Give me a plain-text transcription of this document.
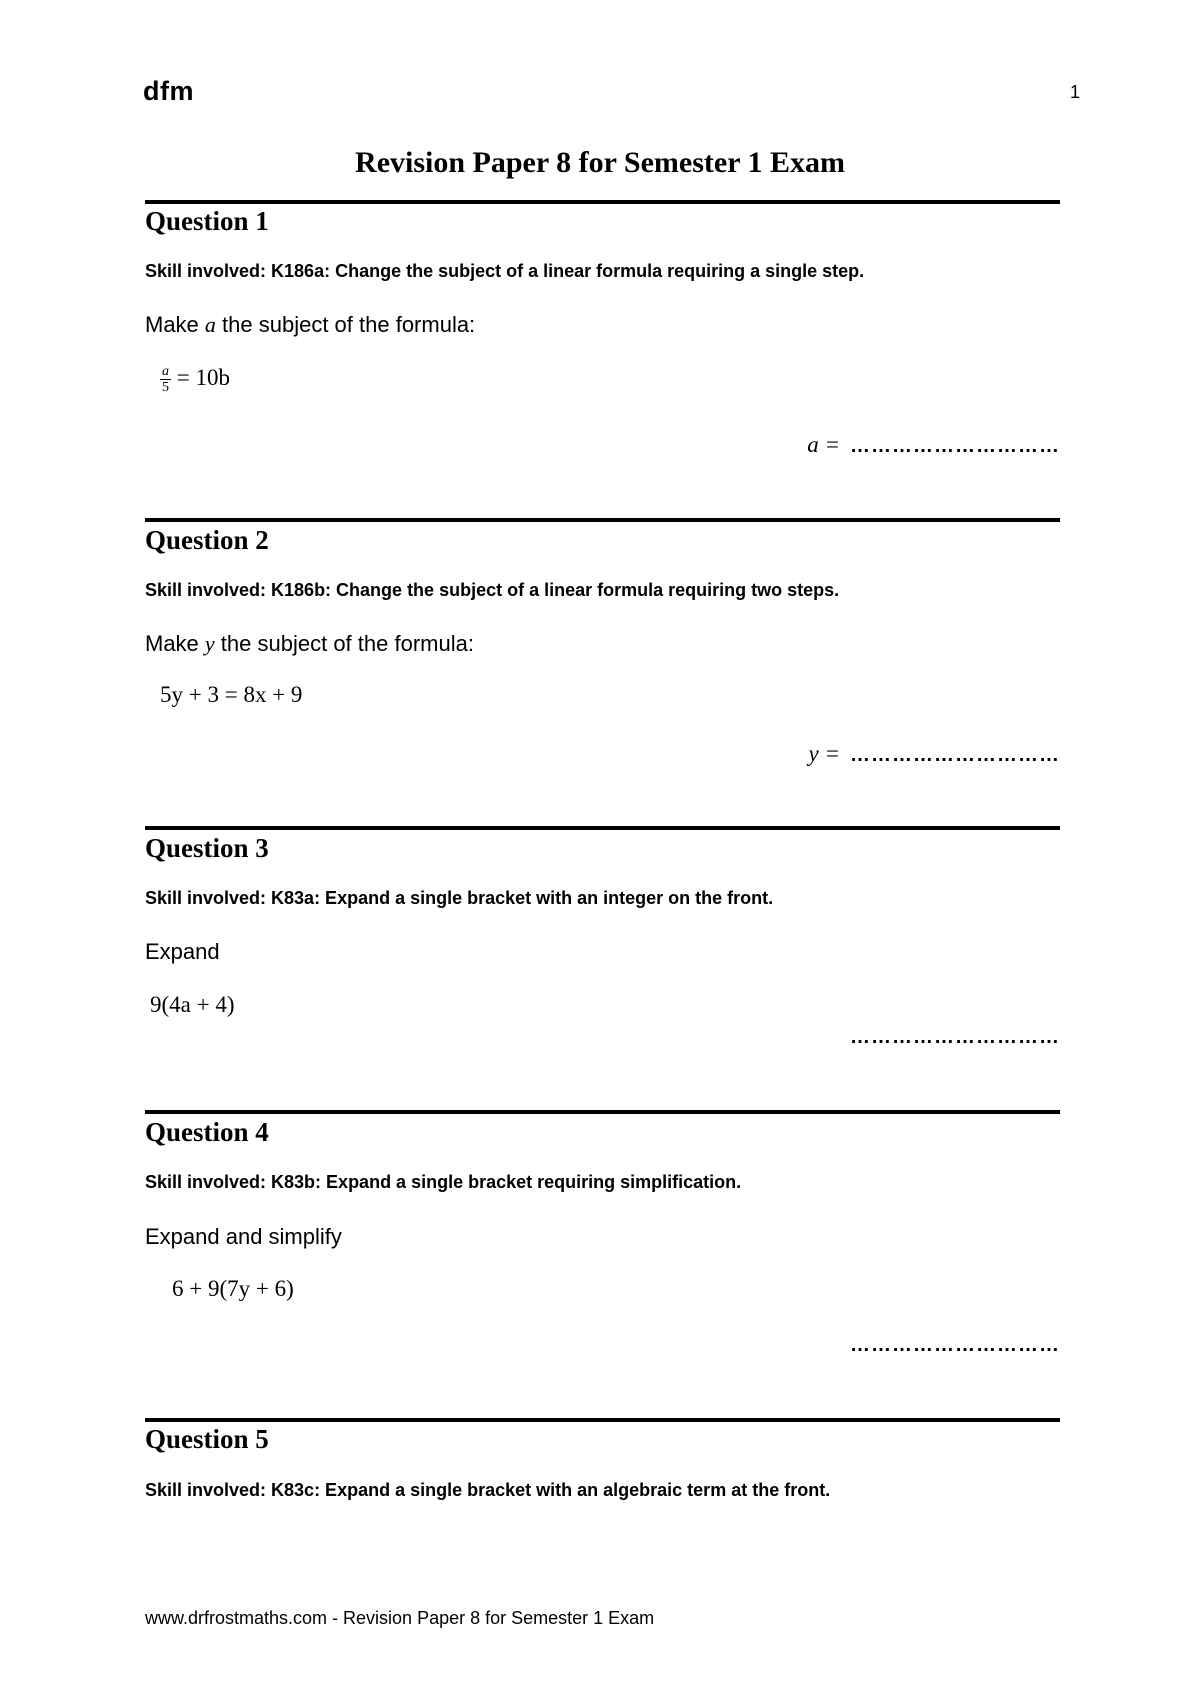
dfm	1
Revision Paper 8 for Semester 1 Exam
Question 1
Skill involved: K186a: Change the subject of a linear formula requiring a single step.
Make a the subject of the formula:
$\frac{a}{5} = 10b$
a = …………………………
Question 2
Skill involved: K186b: Change the subject of a linear formula requiring two steps.
Make y the subject of the formula:
5y + 3 = 8x + 9
y = …………………………
Question 3
Skill involved: K83a: Expand a single bracket with an integer on the front.
Expand
9(4a + 4)
…………………………
Question 4
Skill involved: K83b: Expand a single bracket requiring simplification.
Expand and simplify
6 + 9(7y + 6)
…………………………
Question 5
Skill involved: K83c: Expand a single bracket with an algebraic term at the front.
www.drfrostmaths.com - Revision Paper 8 for Semester 1 Exam
